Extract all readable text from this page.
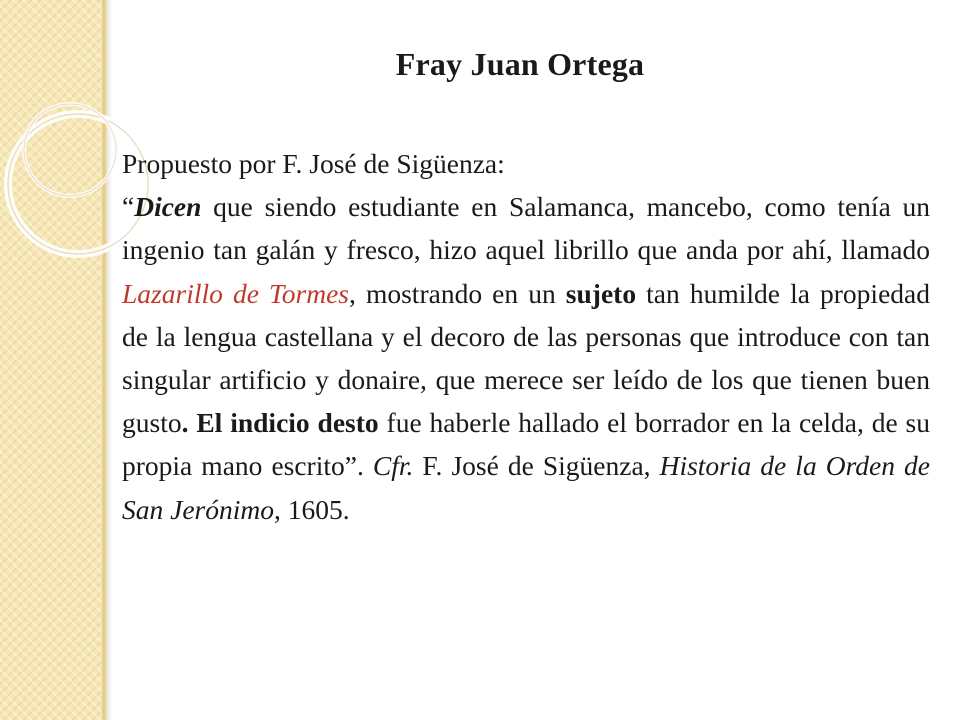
Fray Juan Ortega

Propuesto por F. José de Sigüenza:

“Dicen que siendo estudiante en Salamanca, mancebo, como tenía un ingenio tan galán y fresco, hizo aquel librillo que anda por ahí, llamado Lazarillo de Tormes, mostrando en un sujeto tan humilde la propiedad de la lengua castellana y el decoro de las personas que introduce con tan singular artificio y donaire, que merece ser leído de los que tienen buen gusto. El indicio desto fue haberle hallado el borrador en la celda, de su propia mano escrito”. Cfr. F. José de Sigüenza, Historia de la Orden de San Jerónimo, 1605.
